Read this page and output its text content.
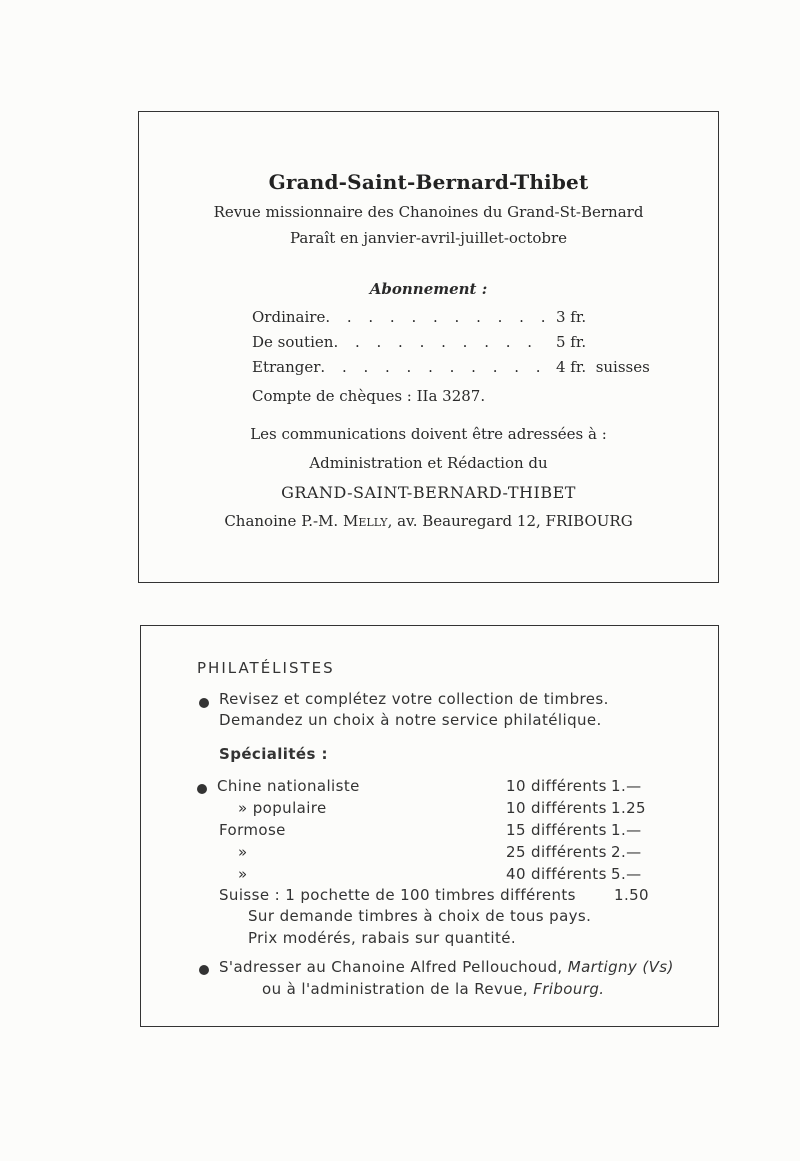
Grand-Saint-Bernard-Thibet
Revue missionnaire des Chanoines du Grand-St-Bernard
Paraît en janvier-avril-juillet-octobre
Abonnement :
Ordinaire. . . . . . . . . . . 3 fr.
De soutien. . . . . . . . . . 5 fr.
Etranger. . . . . . . . . . . 4 fr. suisses
Compte de chèques : IIa 3287.
Les communications doivent être adressées à :
Administration et Rédaction du
GRAND-SAINT-BERNARD-THIBET
Chanoine P.-M. Melly, av. Beauregard 12, FRIBOURG
PHILATÉLISTES
Revisez et complétez votre collection de timbres.
Demandez un choix à notre service philatélique.
Spécialités :
Chine nationaliste	10 différents 1.—
» populaire	10 différents 1.25
Formose	15 différents 1.—
»	25 différents 2.—
»	40 différents 5.—
Suisse : 1 pochette de 100 timbres différents	1.50
Sur demande timbres à choix de tous pays.
Prix modérés, rabais sur quantité.
S'adresser au Chanoine Alfred Pellouchoud, Martigny (Vs)
ou à l'administration de la Revue, Fribourg.
